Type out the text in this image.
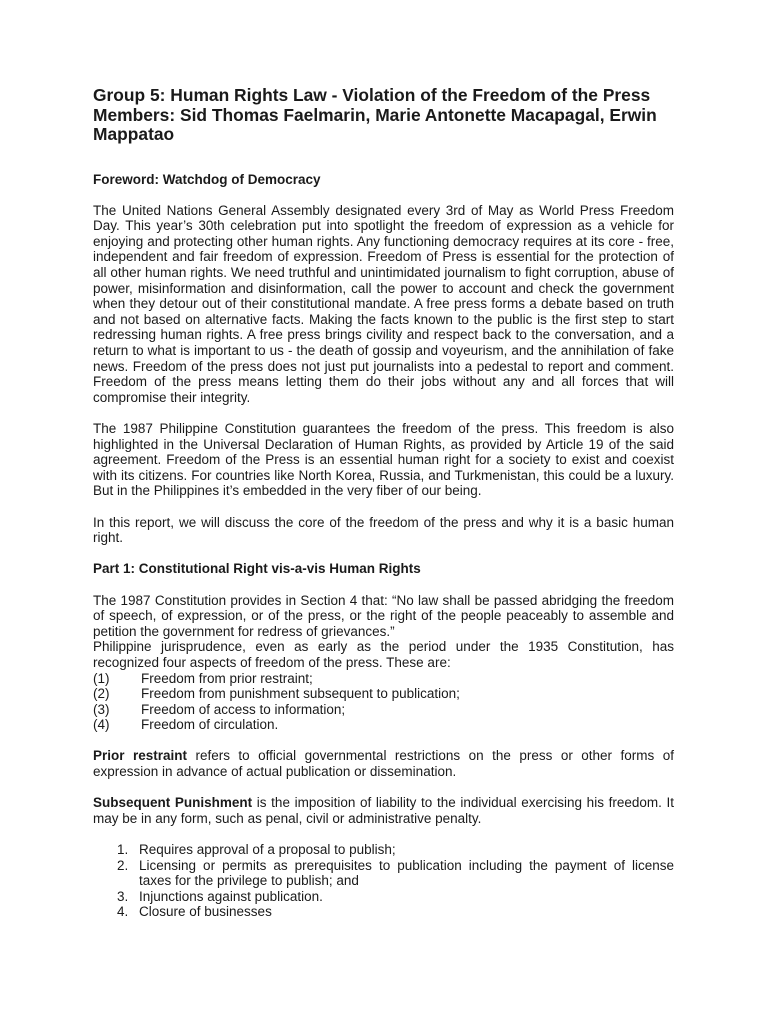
Group 5: Human Rights Law - Violation of the Freedom of the Press
Members: Sid Thomas Faelmarin, Marie Antonette Macapagal, Erwin Mappatao

Foreword: Watchdog of Democracy

The United Nations General Assembly designated every 3rd of May as World Press Freedom Day. This year’s 30th celebration put into spotlight the freedom of expression as a vehicle for enjoying and protecting other human rights. Any functioning democracy requires at its core - free, independent and fair freedom of expression. Freedom of Press is essential for the protection of all other human rights. We need truthful and unintimidated journalism to fight corruption, abuse of power, misinformation and disinformation, call the power to account and check the government when they detour out of their constitutional mandate. A free press forms a debate based on truth and not based on alternative facts. Making the facts known to the public is the first step to start redressing human rights. A free press brings civility and respect back to the conversation, and a return to what is important to us - the death of gossip and voyeurism, and the annihilation of fake news. Freedom of the press does not just put journalists into a pedestal to report and comment. Freedom of the press means letting them do their jobs without any and all forces that will compromise their integrity.

The 1987 Philippine Constitution guarantees the freedom of the press. This freedom is also highlighted in the Universal Declaration of Human Rights, as provided by Article 19 of the said agreement. Freedom of the Press is an essential human right for a society to exist and coexist with its citizens. For countries like North Korea, Russia, and Turkmenistan, this could be a luxury. But in the Philippines it’s embedded in the very fiber of our being.

In this report, we will discuss the core of the freedom of the press and why it is a basic human right.

Part 1: Constitutional Right vis-a-vis Human Rights

The 1987 Constitution provides in Section 4 that: “No law shall be passed abridging the freedom of speech, of expression, or of the press, or the right of the people peaceably to assemble and petition the government for redress of grievances.”

Philippine jurisprudence, even as early as the period under the 1935 Constitution, has recognized four aspects of freedom of the press. These are:

(1) Freedom from prior restraint;
(2) Freedom from punishment subsequent to publication;
(3) Freedom of access to information;
(4) Freedom of circulation.

Prior restraint refers to official governmental restrictions on the press or other forms of expression in advance of actual publication or dissemination.

Subsequent Punishment is the imposition of liability to the individual exercising his freedom. It may be in any form, such as penal, civil or administrative penalty.

1. Requires approval of a proposal to publish;
2. Licensing or permits as prerequisites to publication including the payment of license taxes for the privilege to publish; and
3. Injunctions against publication.
4. Closure of businesses
